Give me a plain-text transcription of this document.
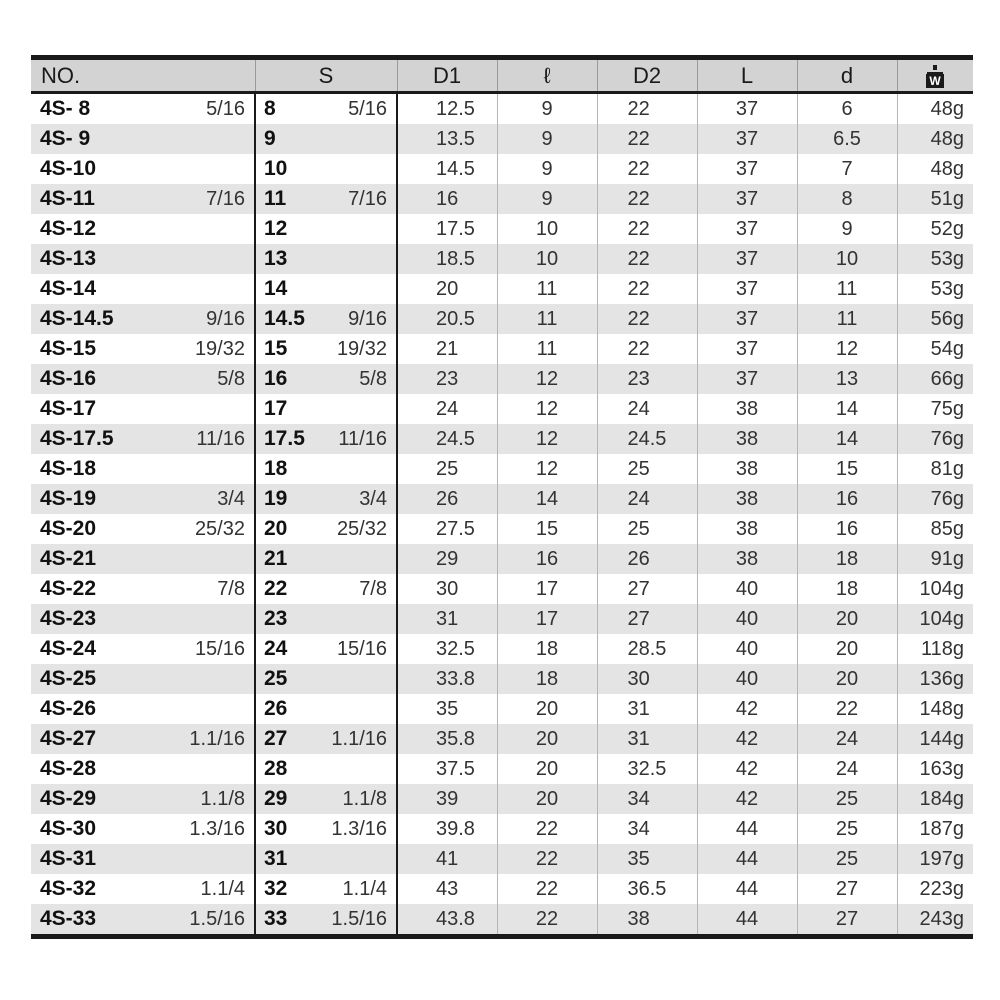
NO.		S		D1	ℓ	D2	L	d	W

4S- 8	5/16	8	5/16	12.5	9	22	37	6	48g
4S- 9		9		13.5	9	22	37	6.5	48g
4S-10		10		14.5	9	22	37	7	48g
4S-11	7/16	11	7/16	16	9	22	37	8	51g
4S-12		12		17.5	10	22	37	9	52g
4S-13		13		18.5	10	22	37	10	53g
4S-14		14		20	11	22	37	11	53g
4S-14.5	9/16	14.5	9/16	20.5	11	22	37	11	56g
4S-15	19/32	15	19/32	21	11	22	37	12	54g
4S-16	5/8	16	5/8	23	12	23	37	13	66g
4S-17		17		24	12	24	38	14	75g
4S-17.5	11/16	17.5	11/16	24.5	12	24.5	38	14	76g
4S-18		18		25	12	25	38	15	81g
4S-19	3/4	19	3/4	26	14	24	38	16	76g
4S-20	25/32	20	25/32	27.5	15	25	38	16	85g
4S-21		21		29	16	26	38	18	91g
4S-22	7/8	22	7/8	30	17	27	40	18	104g
4S-23		23		31	17	27	40	20	104g
4S-24	15/16	24	15/16	32.5	18	28.5	40	20	118g
4S-25		25		33.8	18	30	40	20	136g
4S-26		26		35	20	31	42	22	148g
4S-27	1.1/16	27	1.1/16	35.8	20	31	42	24	144g
4S-28		28		37.5	20	32.5	42	24	163g
4S-29	1.1/8	29	1.1/8	39	20	34	42	25	184g
4S-30	1.3/16	30	1.3/16	39.8	22	34	44	25	187g
4S-31		31		41	22	35	44	25	197g
4S-32	1.1/4	32	1.1/4	43	22	36.5	44	27	223g
4S-33	1.5/16	33	1.5/16	43.8	22	38	44	27	243g
